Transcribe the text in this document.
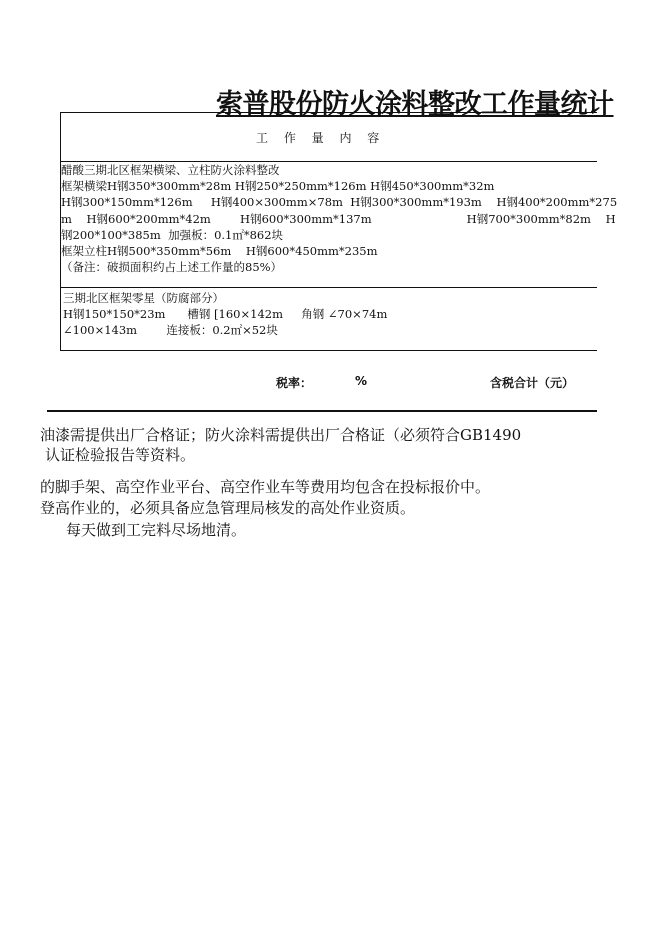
索普股份防火涂料整改工作量统计
工 作 量 内 容
醋酸三期北区框架横梁、立柱防火涂料整改
框架横梁H钢350*300mm*28m H钢250*250mm*126m H钢450*300mm*32m
H钢300*150mm*126m     H钢400×300mm×78m  H钢300*300mm*193m    H钢400*200mm*275
m    H钢600*200mm*42m        H钢600*300mm*137m                          H钢700*300mm*82m    H
钢200*100*385m  加强板：0.1㎡*862块
框架立柱H钢500*350mm*56m    H钢600*450mm*235m
（备注：破损面积约占上述工作量的85%）
三期北区框架零星（防腐部分）
H钢150*150*23m      槽钢 [160×142m     角钢 ∠70×74m
∠100×143m        连接板：0.2㎡×52块
税率：	%	含税合计（元）
油漆需提供出厂合格证；防火涂料需提供出厂合格证（必须符合GB1490
认证检验报告等资料。
的脚手架、高空作业平台、高空作业车等费用均包含在投标报价中。
登高作业的，必须具备应急管理局核发的高处作业资质。
每天做到工完料尽场地清。
